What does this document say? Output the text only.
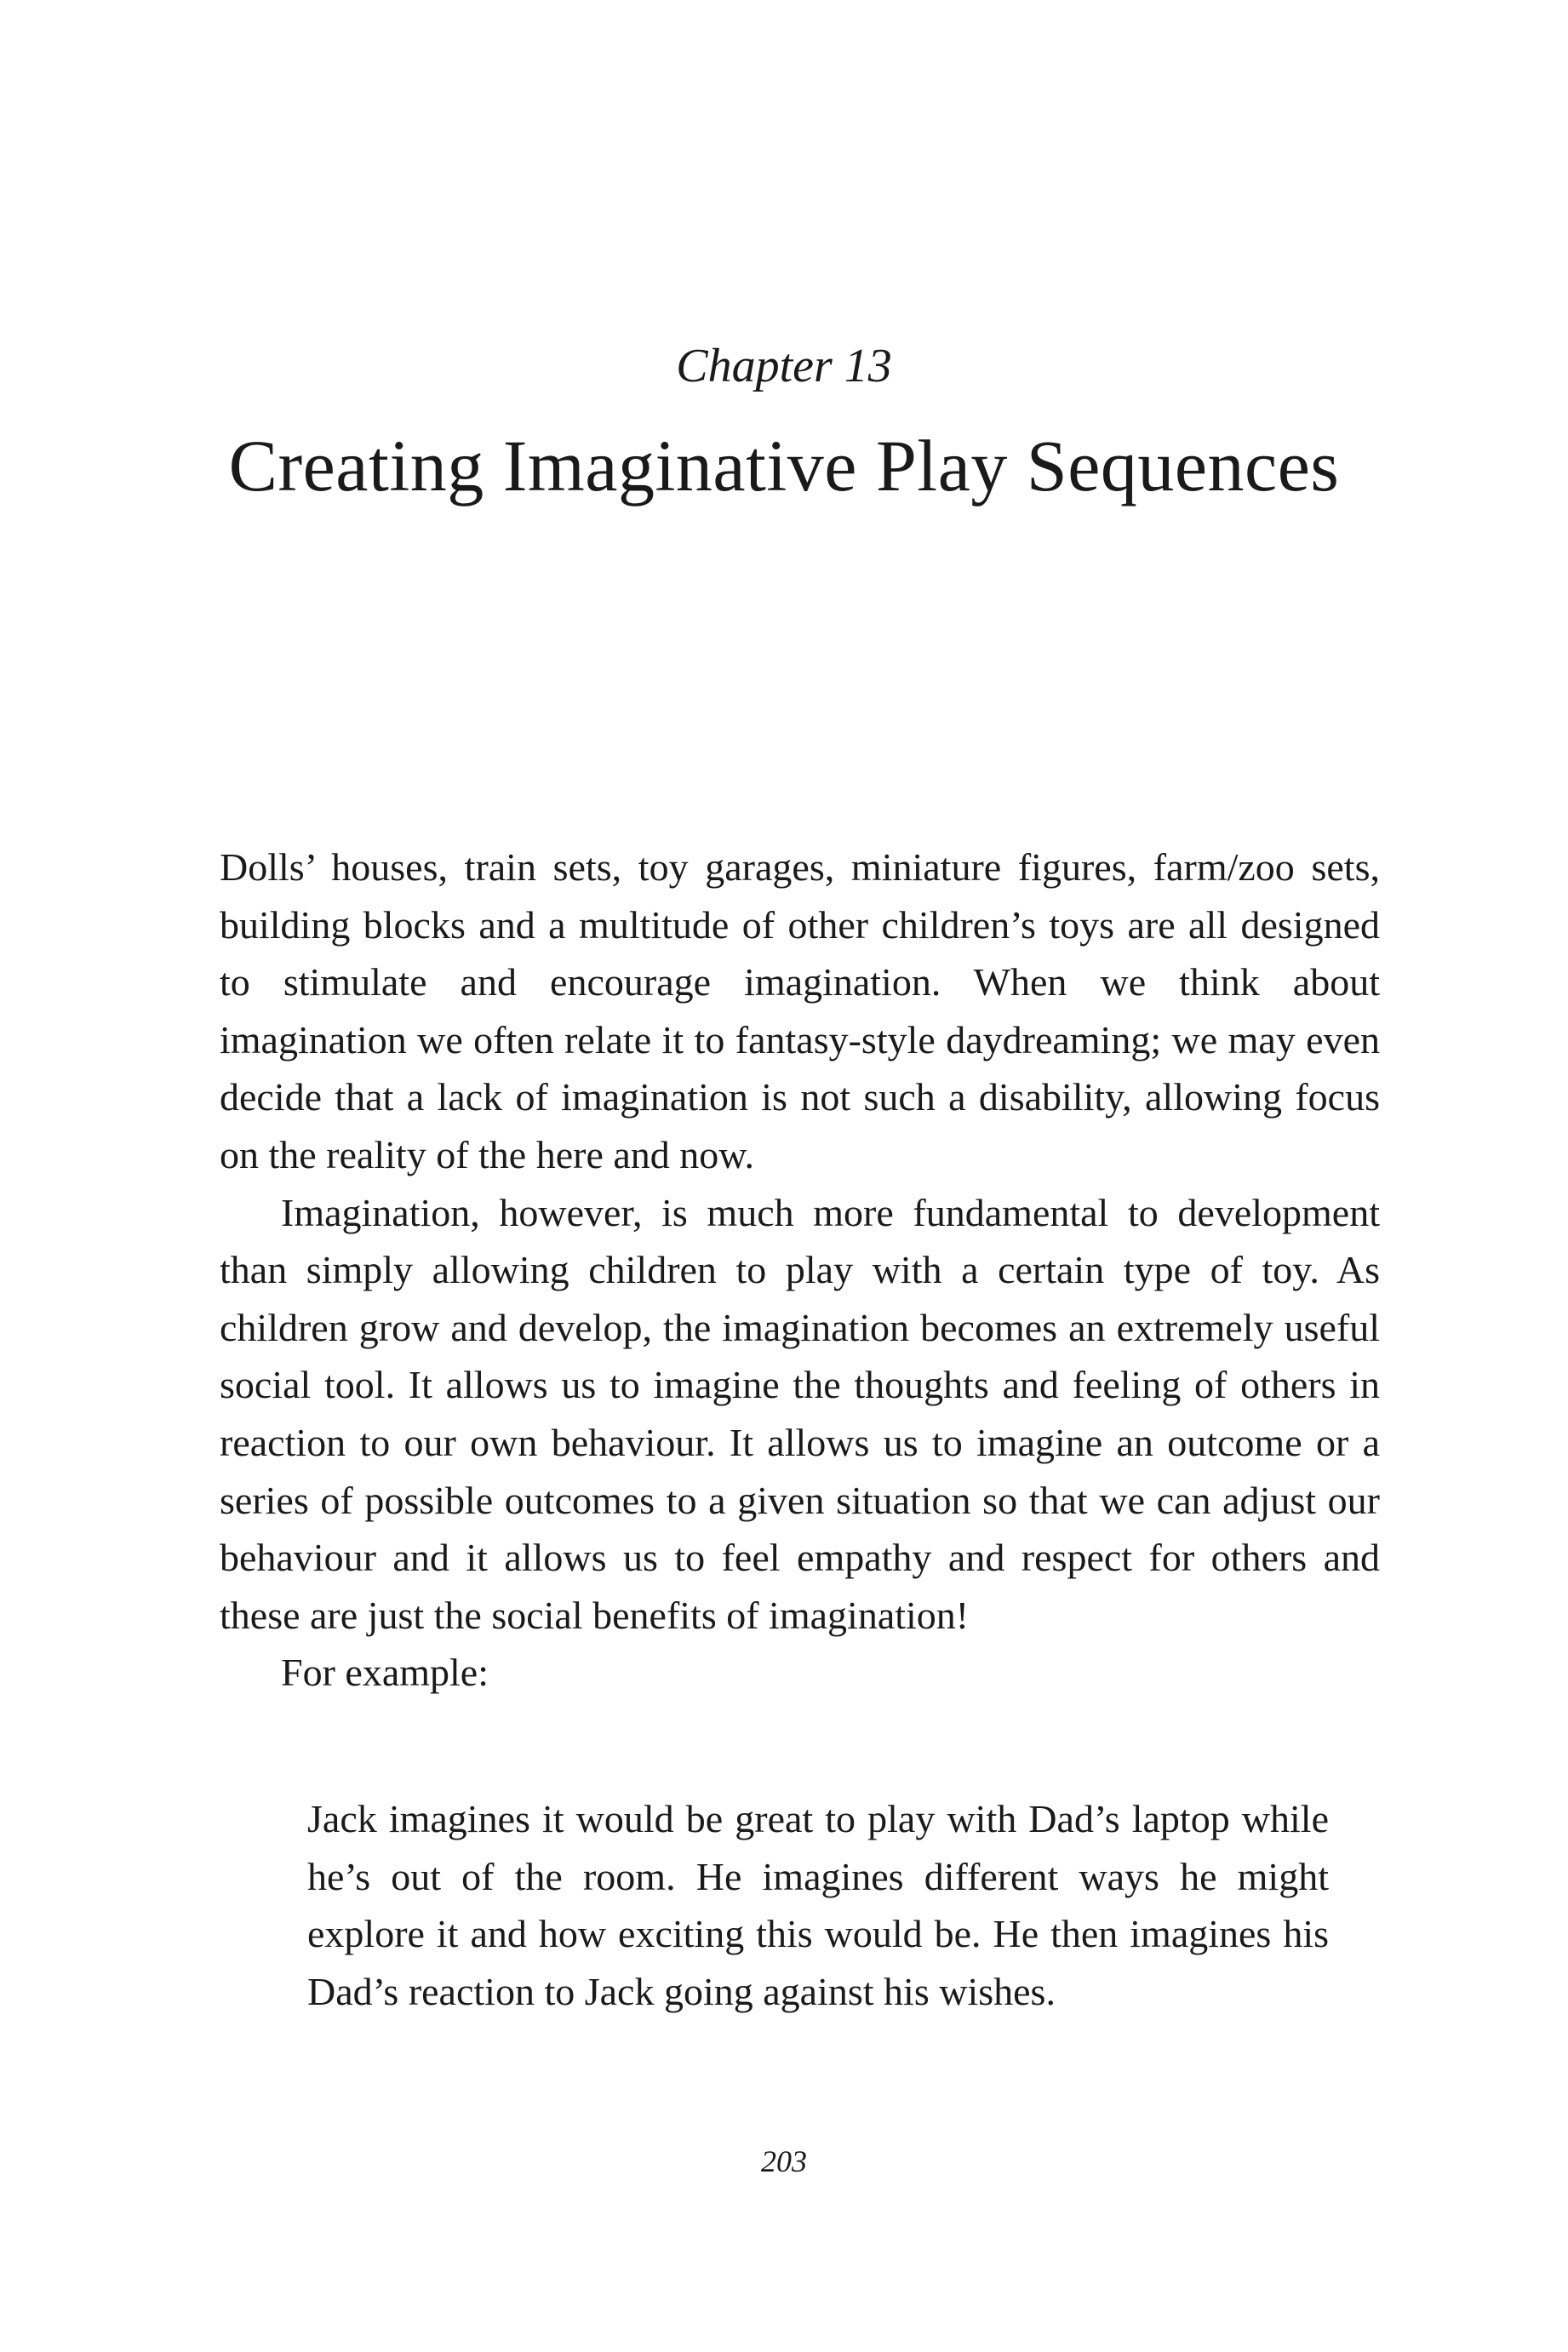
Chapter 13
Creating Imaginative Play Sequences

Dolls’ houses, train sets, toy garages, miniature figures, farm/zoo sets, building blocks and a multitude of other children’s toys are all designed to stimulate and encourage imagination. When we think about imagination we often relate it to fantasy-style daydreaming; we may even decide that a lack of imagination is not such a disability, allowing focus on the reality of the here and now.

Imagination, however, is much more fundamental to development than simply allowing children to play with a certain type of toy. As children grow and develop, the imagination becomes an extremely useful social tool. It allows us to imagine the thoughts and feeling of others in reaction to our own behaviour. It allows us to imagine an outcome or a series of possible outcomes to a given situation so that we can adjust our behaviour and it allows us to feel empathy and respect for others and these are just the social benefits of imagination!

For example:

Jack imagines it would be great to play with Dad’s laptop while he’s out of the room. He imagines different ways he might explore it and how exciting this would be. He then imagines his Dad’s reaction to Jack going against his wishes.
203
